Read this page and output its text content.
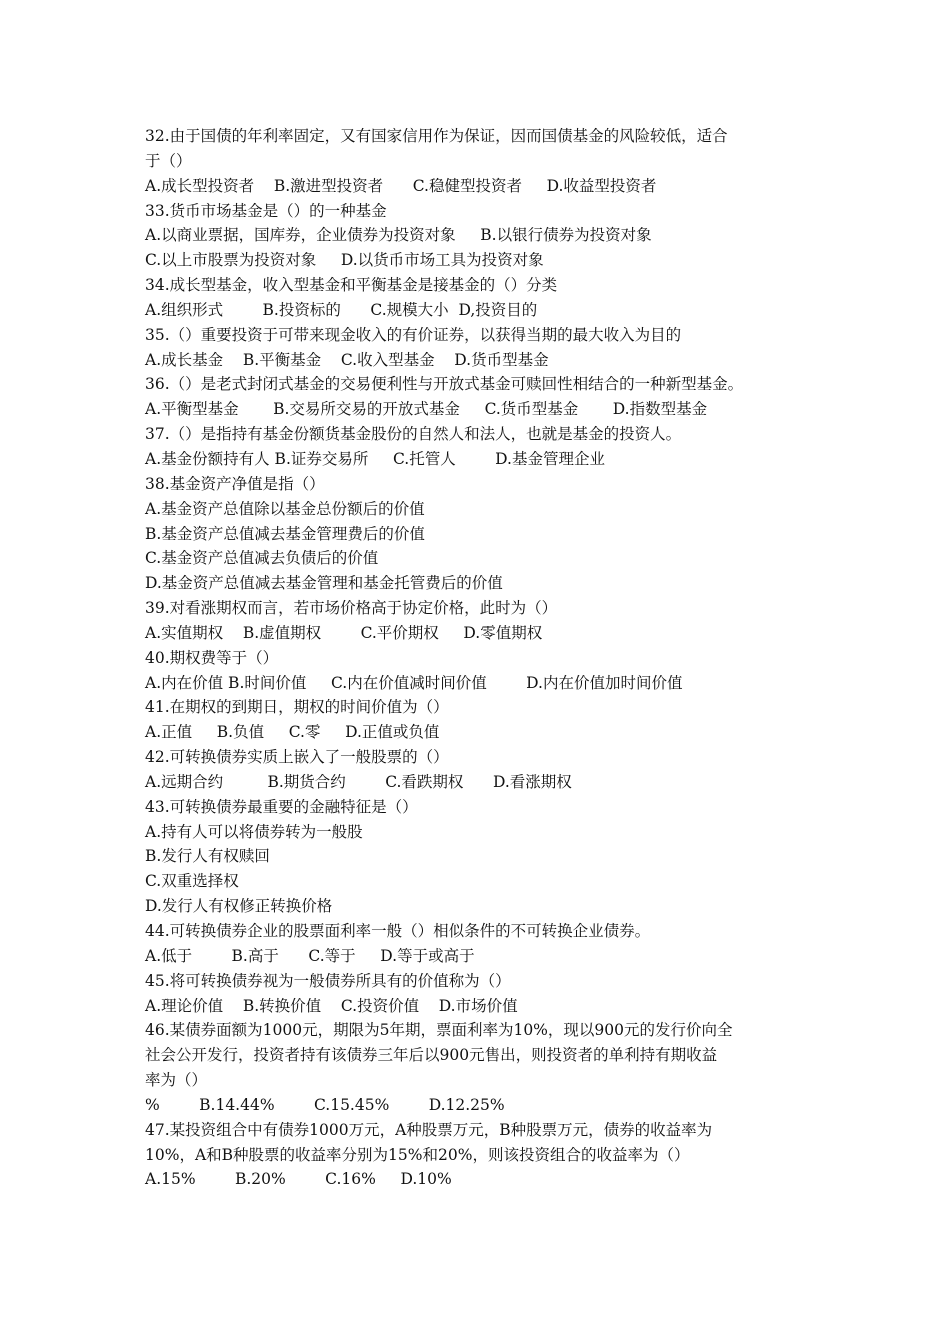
32.由于国债的年利率固定，又有国家信用作为保证，因而国债基金的风险较低，适合
于（）
A.成长型投资者    B.激进型投资者      C.稳健型投资者     D.收益型投资者
33.货币市场基金是（）的一种基金
A.以商业票据，国库券，企业债券为投资对象     B.以银行债券为投资对象
C.以上市股票为投资对象     D.以货币市场工具为投资对象
34.成长型基金，收入型基金和平衡基金是接基金的（）分类
A.组织形式        B.投资标的      C.规模大小  D,投资目的
35.（）重要投资于可带来现金收入的有价证券，以获得当期的最大收入为目的
A.成长基金    B.平衡基金    C.收入型基金    D.货币型基金
36.（）是老式封闭式基金的交易便利性与开放式基金可赎回性相结合的一种新型基金。
A.平衡型基金       B.交易所交易的开放式基金     C.货币型基金       D.指数型基金
37.（）是指持有基金份额货基金股份的自然人和法人，也就是基金的投资人。
A.基金份额持有人 B.证券交易所     C.托管人        D.基金管理企业
38.基金资产净值是指（）
A.基金资产总值除以基金总份额后的价值
B.基金资产总值减去基金管理费后的价值
C.基金资产总值减去负债后的价值
D.基金资产总值减去基金管理和基金托管费后的价值
39.对看涨期权而言，若市场价格高于协定价格，此时为（）
A.实值期权    B.虚值期权        C.平价期权     D.零值期权
40.期权费等于（）
A.内在价值 B.时间价值     C.内在价值减时间价值        D.内在价值加时间价值
41.在期权的到期日，期权的时间价值为（）
A.正值     B.负值     C.零     D.正值或负值
42.可转换债券实质上嵌入了一般股票的（）
A.远期合约         B.期货合约        C.看跌期权      D.看涨期权
43.可转换债券最重要的金融特征是（）
A.持有人可以将债券转为一般股
B.发行人有权赎回
C.双重选择权
D.发行人有权修正转换价格
44.可转换债券企业的股票面利率一般（）相似条件的不可转换企业债券。
A.低于        B.高于      C.等于     D.等于或高于
45.将可转换债券视为一般债券所具有的价值称为（）
A.理论价值    B.转换价值    C.投资价值    D.市场价值
46.某债券面额为1000元，期限为5年期，票面利率为10%，现以900元的发行价向全
社会公开发行，投资者持有该债券三年后以900元售出，则投资者的单利持有期收益
率为（）
%        B.14.44%        C.15.45%        D.12.25%
47.某投资组合中有债券1000万元，A种股票万元，B种股票万元，债券的收益率为
10%，A和B种股票的收益率分别为15%和20%，则该投资组合的收益率为（）
A.15%        B.20%        C.16%     D.10%
